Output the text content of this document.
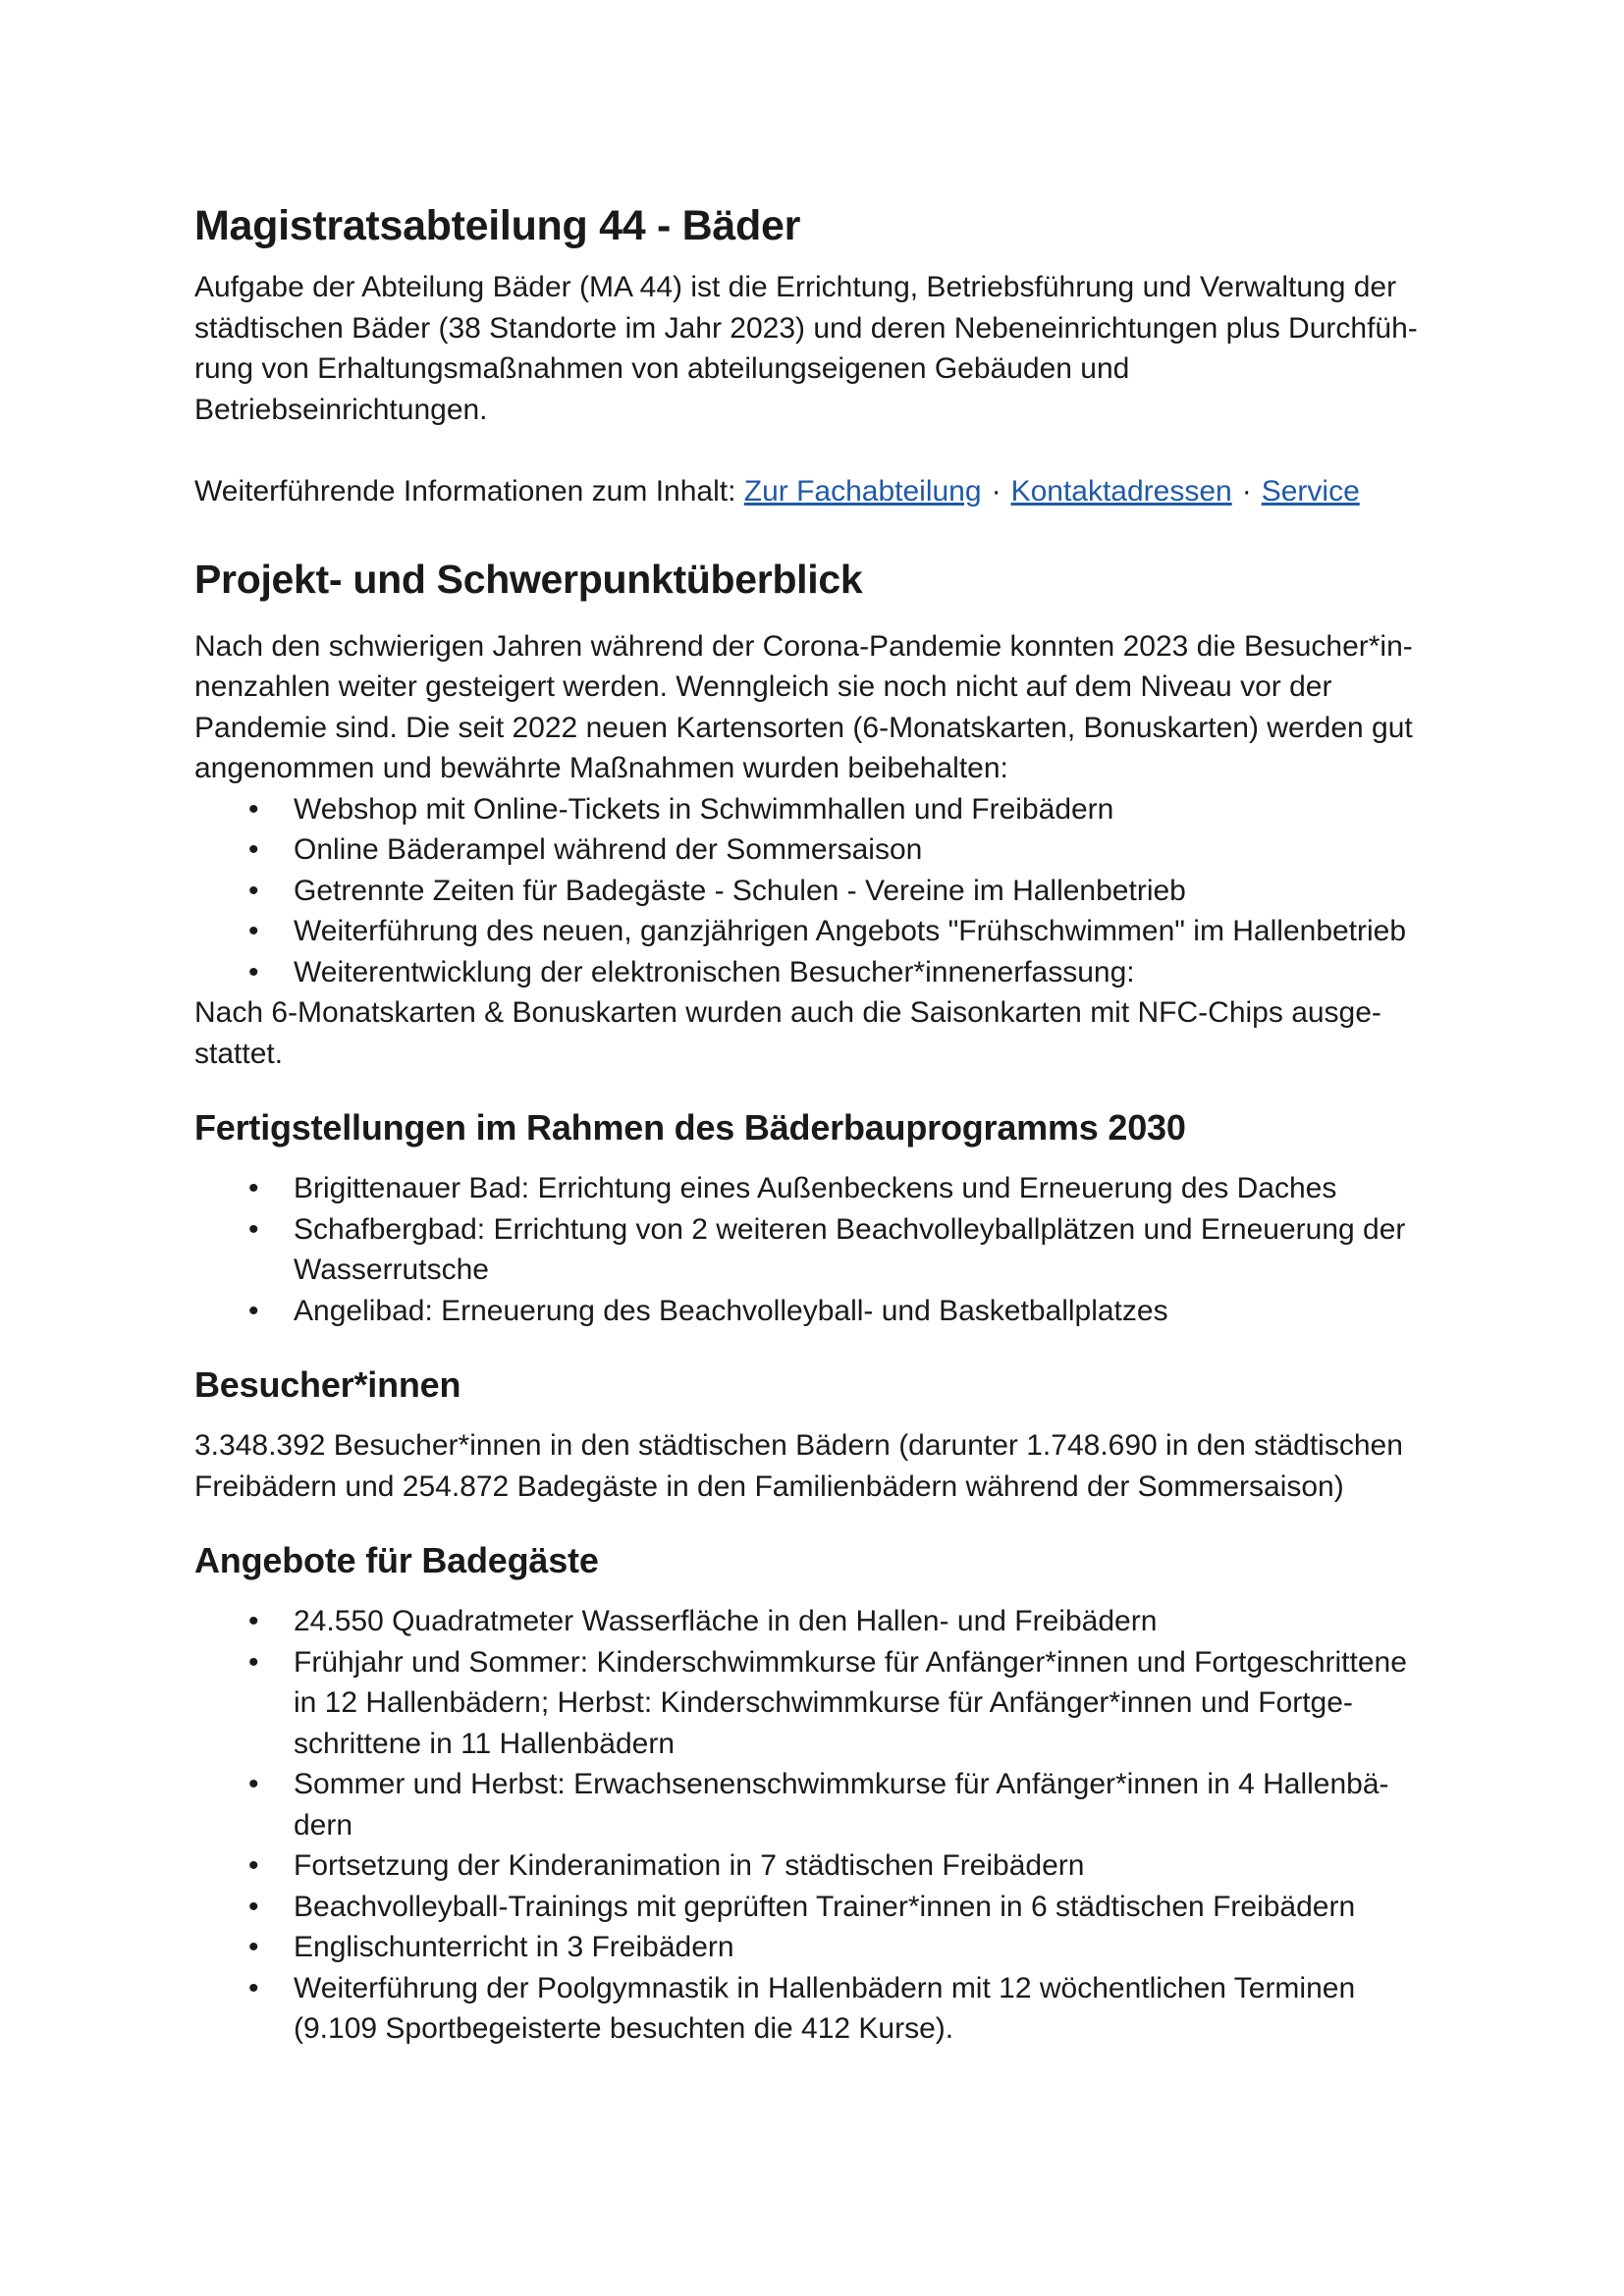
Magistratsabteilung 44 - Bäder

Aufgabe der Abteilung Bäder (MA 44) ist die Errichtung, Betriebsführung und Verwaltung der
städtischen Bäder (38 Standorte im Jahr 2023) und deren Nebeneinrichtungen plus Durchfüh-
rung von Erhaltungsmaßnahmen von abteilungseigenen Gebäuden und
Betriebseinrichtungen.

Weiterführende Informationen zum Inhalt: Zur Fachabteilung · Kontaktadressen · Service

Projekt- und Schwerpunktüberblick

Nach den schwierigen Jahren während der Corona-Pandemie konnten 2023 die Besucher*in-
nenzahlen weiter gesteigert werden. Wenngleich sie noch nicht auf dem Niveau vor der
Pandemie sind. Die seit 2022 neuen Kartensorten (6-Monatskarten, Bonuskarten) werden gut
angenommen und bewährte Maßnahmen wurden beibehalten:

• Webshop mit Online-Tickets in Schwimmhallen und Freibädern
• Online Bäderampel während der Sommersaison
• Getrennte Zeiten für Badegäste - Schulen - Vereine im Hallenbetrieb
• Weiterführung des neuen, ganzjährigen Angebots "Frühschwimmen" im Hallenbetrieb
• Weiterentwicklung der elektronischen Besucher*innenerfassung:

Nach 6-Monatskarten & Bonuskarten wurden auch die Saisonkarten mit NFC-Chips ausge-
stattet.

Fertigstellungen im Rahmen des Bäderbauprogramms 2030
• Brigittenauer Bad: Errichtung eines Außenbeckens und Erneuerung des Daches
• Schafbergbad: Errichtung von 2 weiteren Beachvolleyballplätzen und Erneuerung der
Wasserrutsche
• Angelibad: Erneuerung des Beachvolleyball- und Basketballplatzes
Besucher*innen

3.348.392 Besucher*innen in den städtischen Bädern (darunter 1.748.690 in den städtischen
Freibädern und 254.872 Badegäste in den Familienbädern während der Sommersaison)

Angebote für Badegäste
• 24.550 Quadratmeter Wasserfläche in den Hallen- und Freibädern
• Frühjahr und Sommer: Kinderschwimmkurse für Anfänger*innen und Fortgeschrittene
in 12 Hallenbädern; Herbst: Kinderschwimmkurse für Anfänger*innen und Fortge-
schrittene in 11 Hallenbädern
• Sommer und Herbst: Erwachsenenschwimmkurse für Anfänger*innen in 4 Hallenbä-
dern
• Fortsetzung der Kinderanimation in 7 städtischen Freibädern
• Beachvolleyball-Trainings mit geprüften Trainer*innen in 6 städtischen Freibädern
• Englischunterricht in 3 Freibädern
• Weiterführung der Poolgymnastik in Hallenbädern mit 12 wöchentlichen Terminen
(9.109 Sportbegeisterte besuchten die 412 Kurse).
